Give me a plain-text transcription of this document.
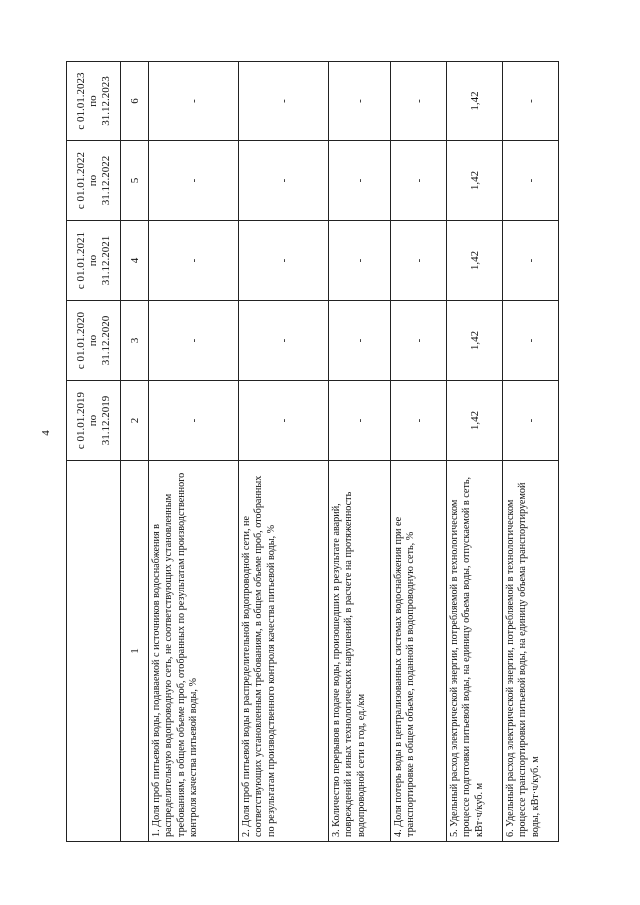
4

	с 01.01.2019 по 31.12.2019	с 01.01.2020 по 31.12.2020	с 01.01.2021 по 31.12.2021	с 01.01.2022 по 31.12.2022	с 01.01.2023 по 31.12.2023

1	2	3	4	5	6
1. Доля проб питьевой воды, подаваемой с источников водоснабжения в распределительную водопроводную сеть, не соответствующих установленным требованиям, в общем объеме проб, отобранных по результатам производственного контроля качества питьевой воды, %	-	-	-	-	-
2. Доля проб питьевой воды в распределительной водопроводной сети, не соответствующих установленным требованиям, в общем объеме проб, отобранных по результатам производственного контроля качества питьевой воды, %	-	-	-	-	-
3. Количество перерывов в подаче воды, произошедших в результате аварий, повреждений и иных технологических нарушений, в расчете на протяженность водопроводной сети в год, ед./км	-	-	-	-	-
4. Доля потерь воды в централизованных системах водоснабжения при ее транспортировке в общем объеме, поданной в водопроводную сеть, %	-	-	-	-	-
5. Удельный расход электрической энергии, потребляемой в технологическом процессе подготовки питьевой воды, на единицу объема воды, отпускаемой в сеть, кВт·ч/куб. м	1,42	1,42	1,42	1,42	1,42
6. Удельный расход электрической энергии, потребляемой в технологическом процессе транспортировки питьевой воды, на единицу объема транспортируемой воды, кВт·ч/куб. м	-	-	-	-	-
